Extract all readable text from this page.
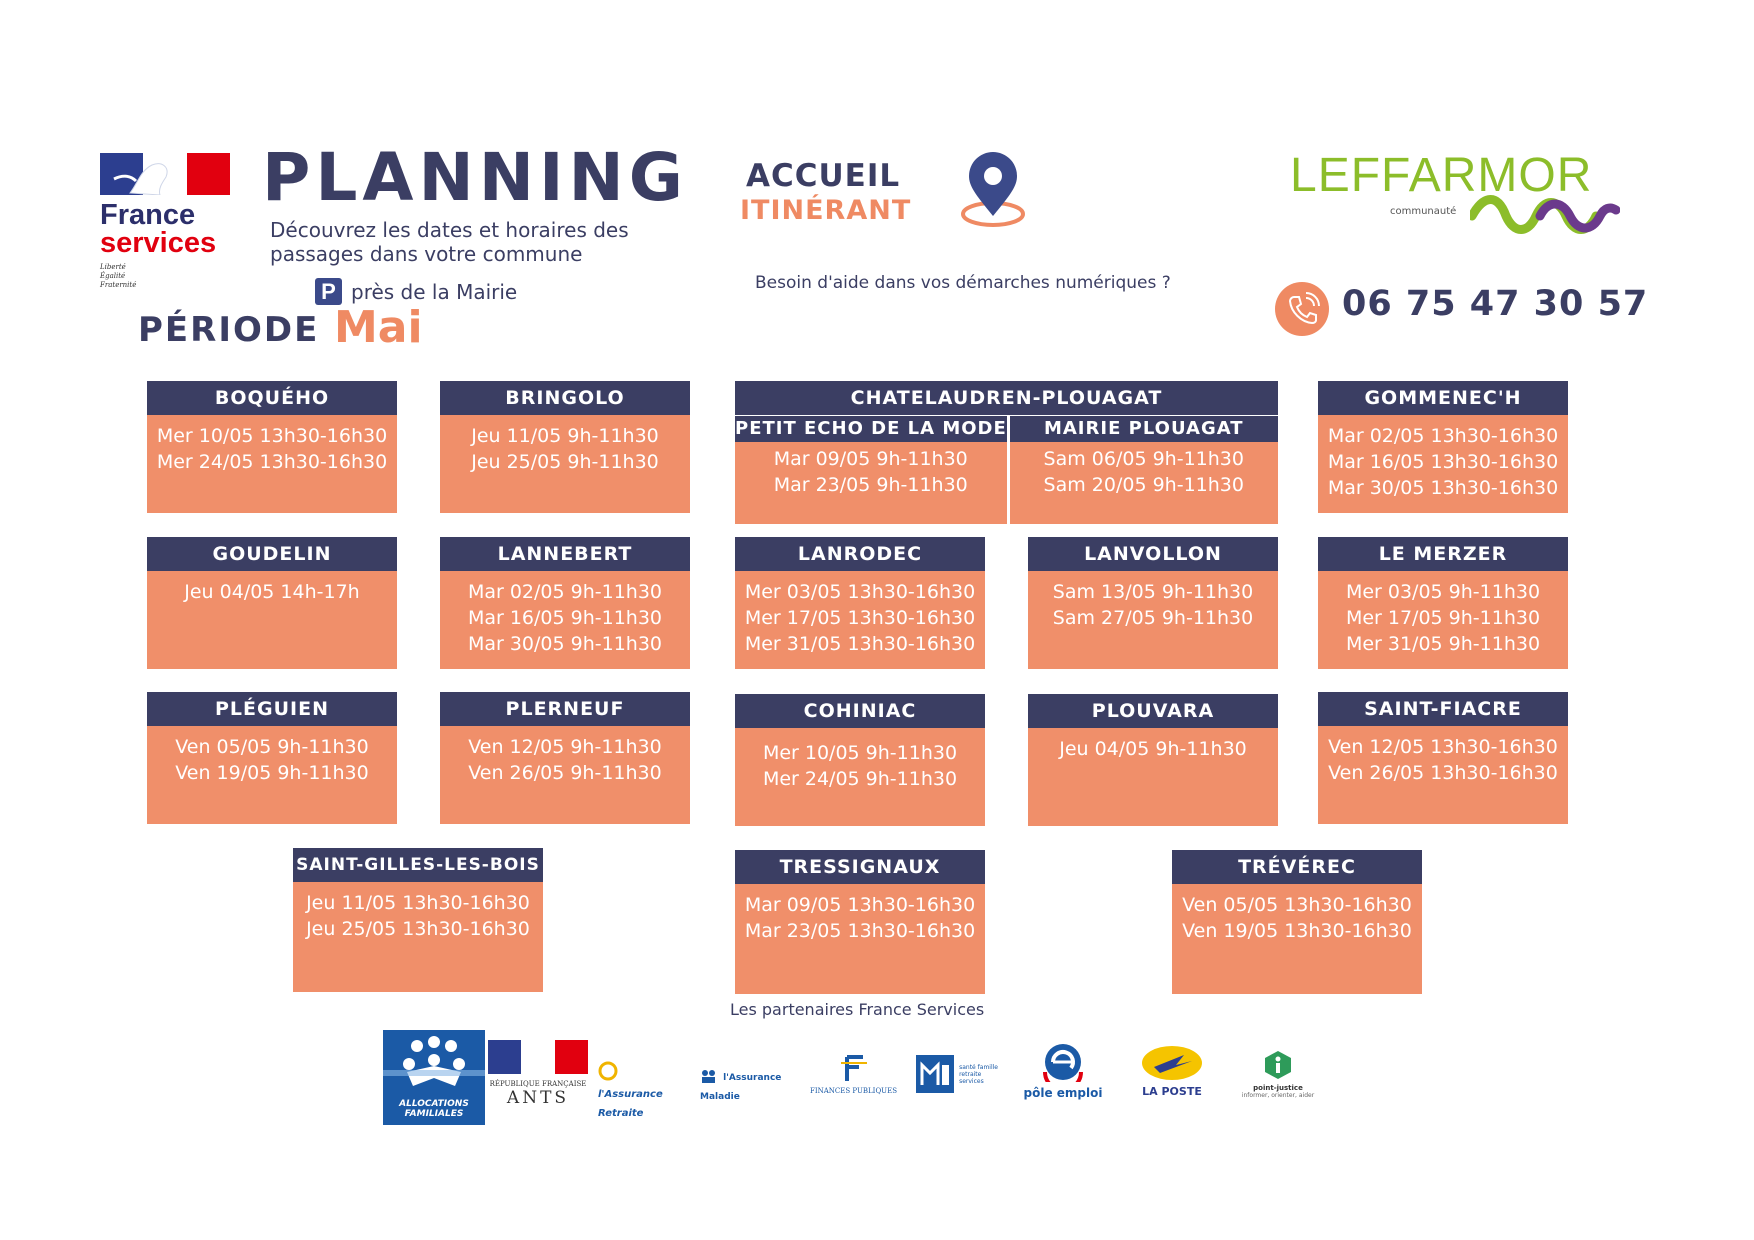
France
services
Liberté
Égalité
Fraternité
PLANNING
Découvrez les dates et horaires des passages dans votre commune
P près de la Mairie
PÉRIODE Mai
ACCUEIL
ITINÉRANT
Besoin d'aide dans vos démarches numériques ?
LEFFARMOR
communauté
06 75 47 30 57
BOQUÉHO
Mer 10/05 13h30-16h30
Mer 24/05 13h30-16h30
BRINGOLO
Jeu 11/05 9h-11h30
Jeu 25/05 9h-11h30
CHATELAUDREN-PLOUAGAT
PETIT ECHO DE LA MODE
Mar 09/05 9h-11h30
Mar 23/05 9h-11h30
MAIRIE PLOUAGAT
Sam 06/05 9h-11h30
Sam 20/05 9h-11h30
GOMMENEC'H
Mar 02/05 13h30-16h30
Mar 16/05 13h30-16h30
Mar 30/05 13h30-16h30
GOUDELIN
Jeu 04/05 14h-17h
LANNEBERT
Mar 02/05 9h-11h30
Mar 16/05 9h-11h30
Mar 30/05 9h-11h30
LANRODEC
Mer 03/05 13h30-16h30
Mer 17/05 13h30-16h30
Mer 31/05 13h30-16h30
LANVOLLON
Sam 13/05 9h-11h30
Sam 27/05 9h-11h30
LE MERZER
Mer 03/05 9h-11h30
Mer 17/05 9h-11h30
Mer 31/05 9h-11h30
PLÉGUIEN
Ven 05/05 9h-11h30
Ven 19/05 9h-11h30
PLERNEUF
Ven 12/05 9h-11h30
Ven 26/05 9h-11h30
COHINIAC
Mer 10/05 9h-11h30
Mer 24/05 9h-11h30
PLOUVARA
Jeu 04/05 9h-11h30
SAINT-FIACRE
Ven 12/05 13h30-16h30
Ven 26/05 13h30-16h30
SAINT-GILLES-LES-BOIS
Jeu 11/05 13h30-16h30
Jeu 25/05 13h30-16h30
TRESSIGNAUX
Mar 09/05 13h30-16h30
Mar 23/05 13h30-16h30
TRÉVÉREC
Ven 05/05 13h30-16h30
Ven 19/05 13h30-16h30
Les partenaires France Services
ALLOCATIONS FAMILIALES
RÉPUBLIQUE FRANÇAISE
ANTS	l'Assurance Retraite
l'Assurance Maladie
FINANCES PUBLIQUES
santé famille retraite services
pôle emploi	LA POSTE	point-justice
informer, orienter, aider
